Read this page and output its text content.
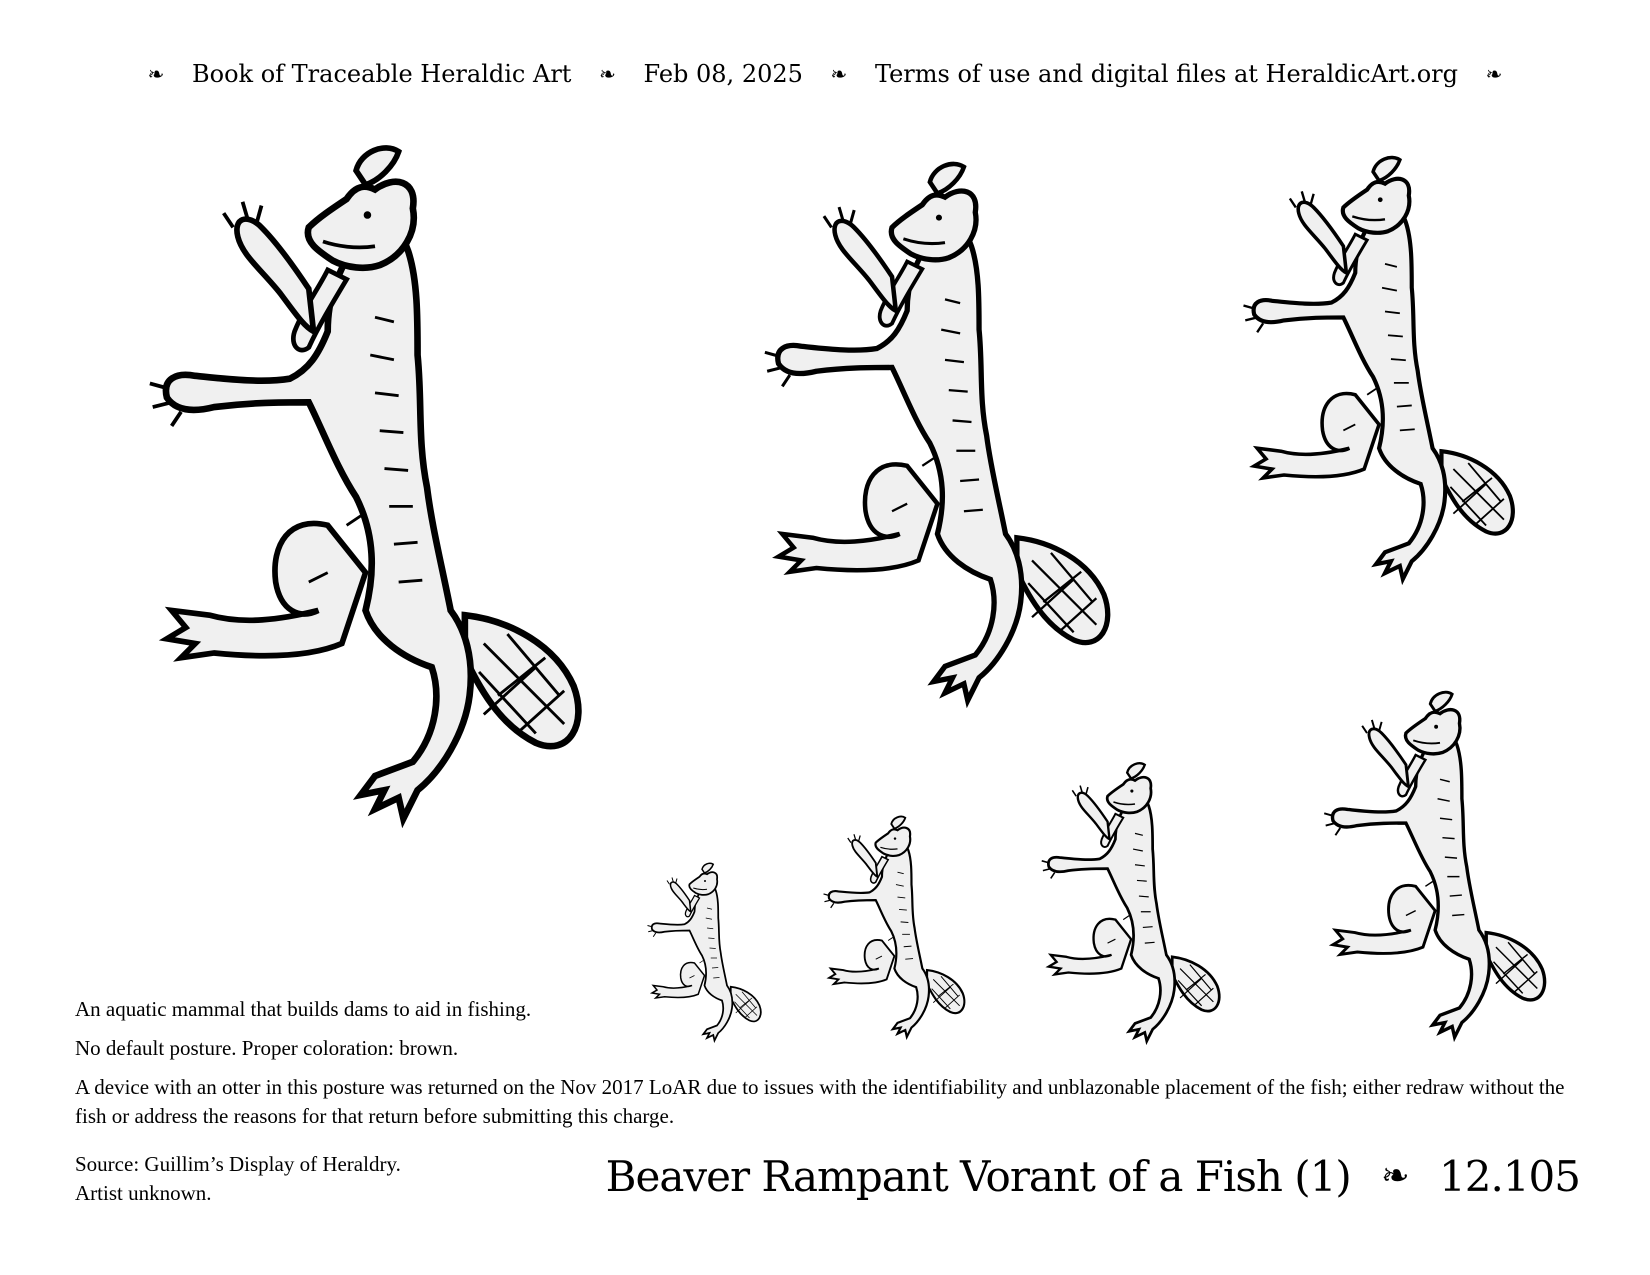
❧ Book of Traceable Heraldic Art ❧ Feb 08, 2025 ❧ Terms of use and digital files at HeraldicArt.org ❧

An aquatic mammal that builds dams to aid in fishing.

No default posture. Proper coloration: brown.

A device with an otter in this posture was returned on the Nov 2017 LoAR due to issues with the identifiability and unblazonable placement of the fish; either redraw without the fish or address the reasons for that return before submitting this charge.

Source: Guillim’s Display of Heraldry.
Artist unknown.	Beaver Rampant Vorant of a Fish (1) ❧ 12.105
